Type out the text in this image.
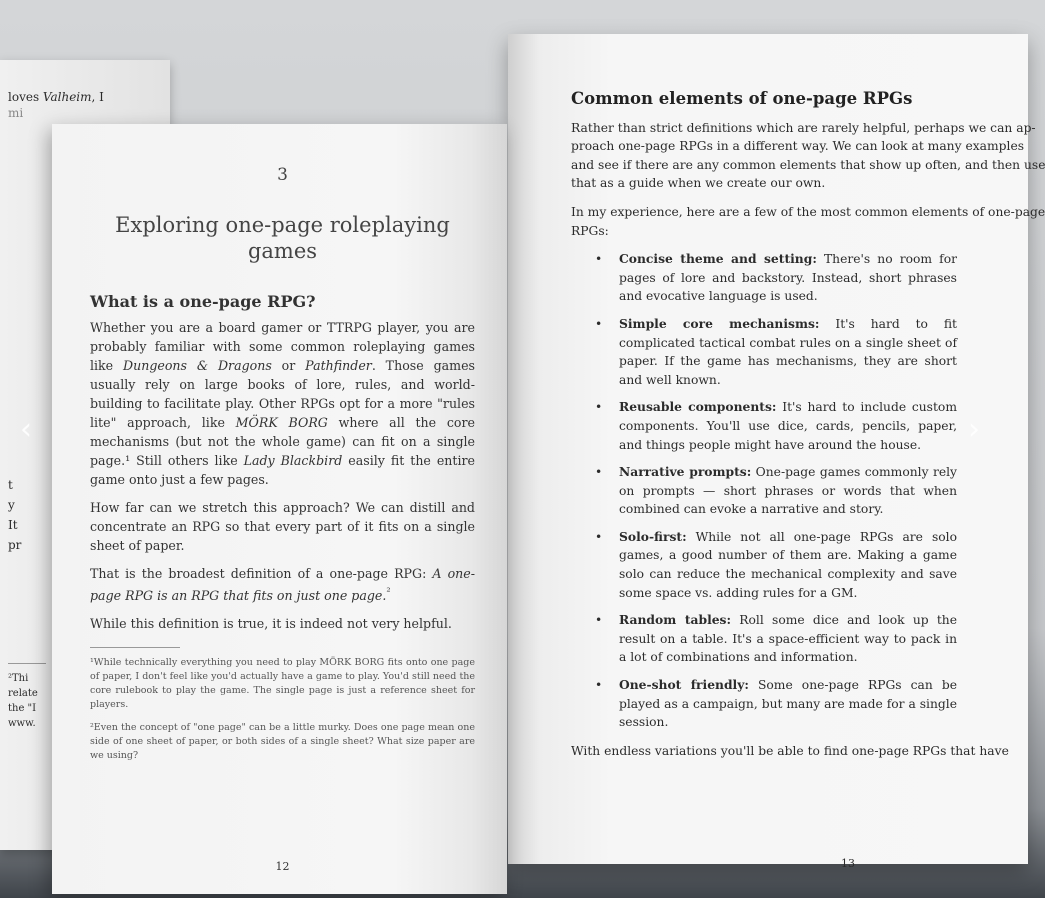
loves Valheim, I
mi
t
y
It
pr
²Thi
relate
the "I
www.
Common elements of one-page RPGs

Rather than strict definitions which are rarely helpful, perhaps we can ap-
proach one-page RPGs in a different way. We can look at many examples
and see if there are any common elements that show up often, and then use
that as a guide when we create our own.

In my experience, here are a few of the most common elements of one-page
RPGs:

• Concise theme and setting: There's no room for pages of lore and backstory. Instead, short phrases and evocative language is used.
• Simple core mechanisms: It's hard to fit complicated tactical combat rules on a single sheet of paper. If the game has mechanisms, they are short and well known.
• Reusable components: It's hard to include custom components. You'll use dice, cards, pencils, paper, and things people might have around the house.
• Narrative prompts: One-page games commonly rely on prompts — short phrases or words that when combined can evoke a narrative and story.
• Solo-first: While not all one-page RPGs are solo games, a good number of them are. Making a game solo can reduce the mechanical complexity and save some space vs. adding rules for a GM.
• Random tables: Roll some dice and look up the result on a table. It's a space-efficient way to pack in a lot of combinations and information.
• One-shot friendly: Some one-page RPGs can be played as a campaign, but many are made for a single session.

With endless variations you'll be able to find one-page RPGs that have

13
3
Exploring one-page roleplaying games
What is a one-page RPG?

Whether you are a board gamer or TTRPG player, you are probably familiar with some common roleplaying games like Dungeons & Dragons or Pathfinder. Those games usually rely on large books of lore, rules, and world-building to facilitate play. Other RPGs opt for a more "rules lite" approach, like MÖRK BORG where all the core mechanisms (but not the whole game) can fit on a single page.¹ Still others like Lady Blackbird easily fit the entire game onto just a few pages.

How far can we stretch this approach? We can distill and concentrate an RPG so that every part of it fits on a single sheet of paper.

That is the broadest definition of a one-page RPG: A one-page RPG is an RPG that fits on just one page.$^{^2}$

While this definition is true, it is indeed not very helpful.

¹While technically everything you need to play MÖRK BORG fits onto one page of paper, I don't feel like you'd actually have a game to play. You'd still need the core rulebook to play the game. The single page is just a reference sheet for players.

²Even the concept of "one page" can be a little murky. Does one page mean one side of one sheet of paper, or both sides of a single sheet? What size paper are we using?

12
‹	›
